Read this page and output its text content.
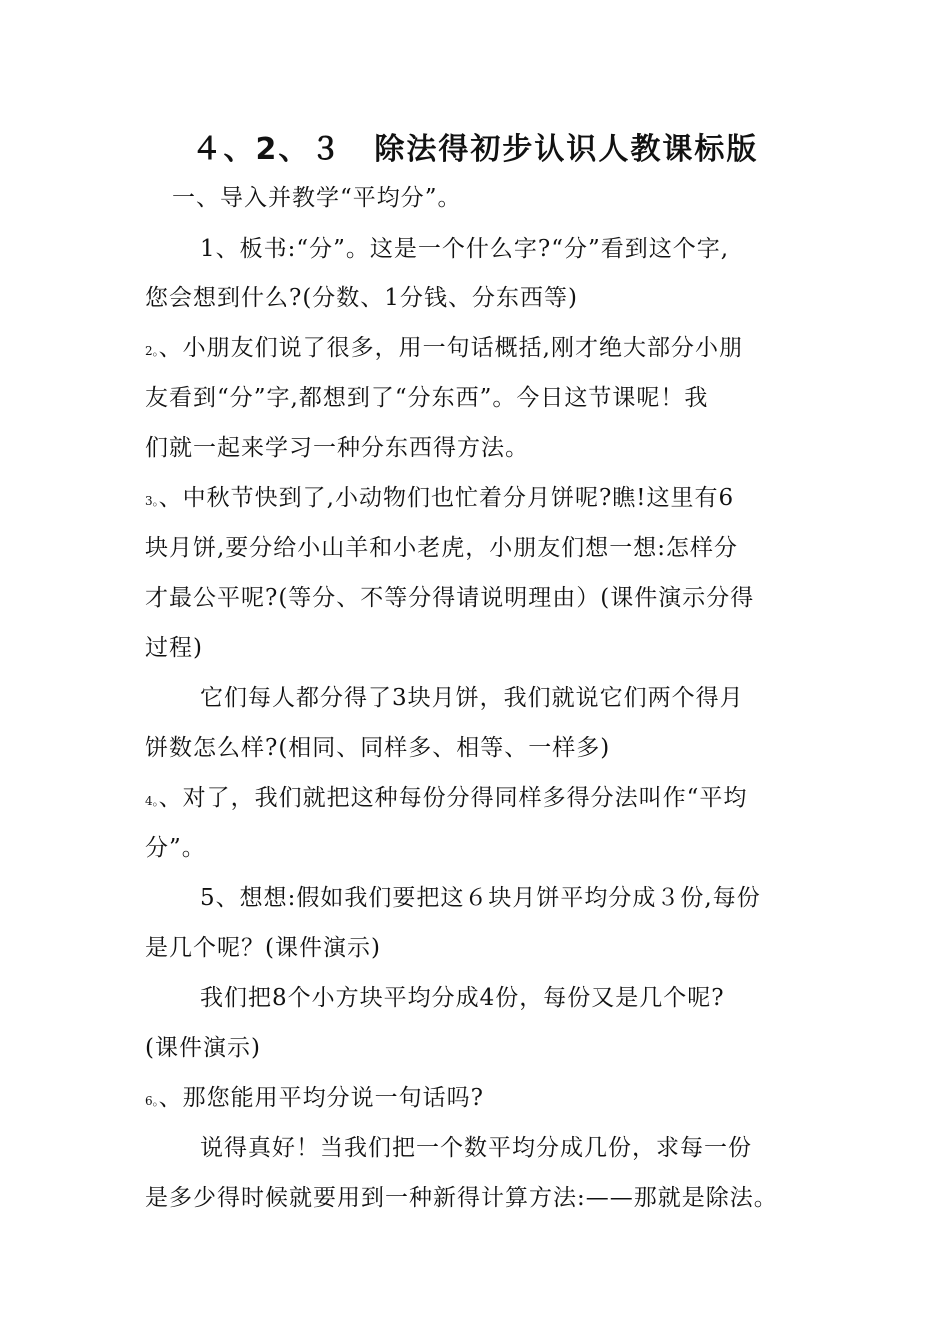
４、2、３　除法得初步认识人教课标版
一、导入并教学“平均分”。
1、板书:“分”。这是一个什么字?“分”看到这个字,
您会想到什么?(分数、1分钱、分东西等)
2。、小朋友们说了很多，用一句话概括,刚才绝大部分小朋
友看到“分”字,都想到了“分东西”。今日这节课呢！我
们就一起来学习一种分东西得方法。
3。、中秋节快到了,小动物们也忙着分月饼呢?瞧!这里有6
块月饼,要分给小山羊和小老虎，小朋友们想一想:怎样分
才最公平呢?(等分、不等分得请说明理由）(课件演示分得
过程)
它们每人都分得了3块月饼，我们就说它们两个得月
饼数怎么样?(相同、同样多、相等、一样多)
4。、对了，我们就把这种每份分得同样多得分法叫作“平均
分”。
5、想想:假如我们要把这６块月饼平均分成３份,每份
是几个呢？(课件演示)
我们把8个小方块平均分成4份，每份又是几个呢?
(课件演示)
6。、那您能用平均分说一句话吗?
说得真好！当我们把一个数平均分成几份，求每一份
是多少得时候就要用到一种新得计算方法:——那就是除法。
